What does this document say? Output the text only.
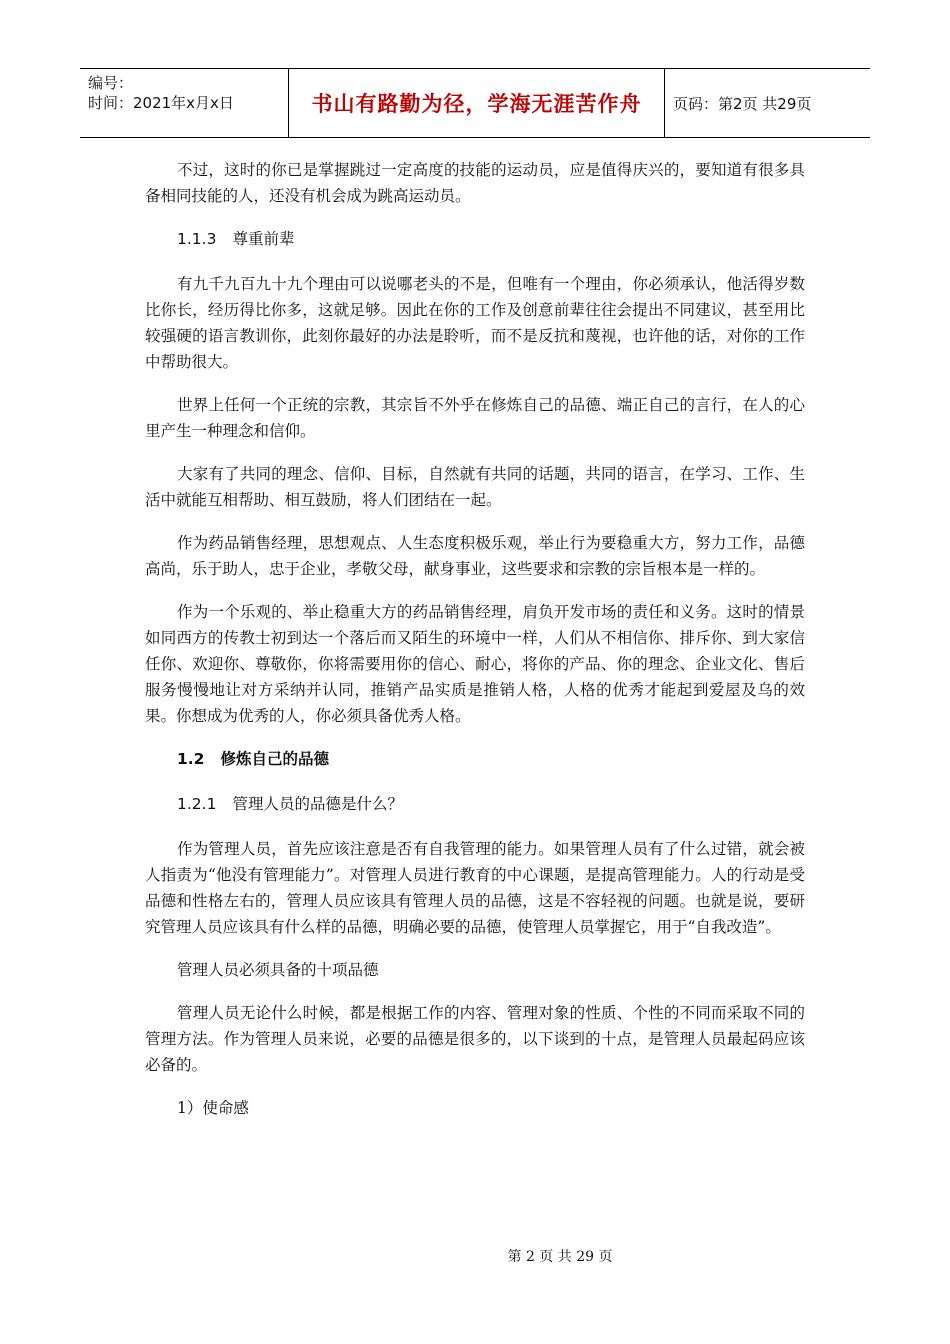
编号：
时间：2021年x月x日	书山有路勤为径，学海无涯苦作舟	页码：第2页 共29页

不过，这时的你已是掌握跳过一定高度的技能的运动员，应是值得庆兴的，要知道有很多具备相同技能的人，还没有机会成为跳高运动员。

1.1.3 尊重前辈

有九千九百九十九个理由可以说哪老头的不是，但唯有一个理由，你必须承认，他活得岁数比你长，经历得比你多，这就足够。因此在你的工作及创意前辈往往会提出不同建议，甚至用比较强硬的语言教训你，此刻你最好的办法是聆听，而不是反抗和蔑视，也许他的话，对你的工作中帮助很大。

世界上任何一个正统的宗教，其宗旨不外乎在修炼自己的品德、端正自己的言行，在人的心里产生一种理念和信仰。

大家有了共同的理念、信仰、目标，自然就有共同的话题，共同的语言，在学习、工作、生活中就能互相帮助、相互鼓励，将人们团结在一起。

作为药品销售经理，思想观点、人生态度积极乐观，举止行为要稳重大方，努力工作，品德高尚，乐于助人，忠于企业，孝敬父母，献身事业，这些要求和宗教的宗旨根本是一样的。

作为一个乐观的、举止稳重大方的药品销售经理，肩负开发市场的责任和义务。这时的情景如同西方的传教士初到达一个落后而又陌生的环境中一样，人们从不相信你、排斥你、到大家信任你、欢迎你、尊敬你，你将需要用你的信心、耐心，将你的产品、你的理念、企业文化、售后服务慢慢地让对方采纳并认同，推销产品实质是推销人格，人格的优秀才能起到爱屋及乌的效果。你想成为优秀的人，你必须具备优秀人格。

1.2 修炼自己的品德
1.2.1 管理人员的品德是什么？

作为管理人员，首先应该注意是否有自我管理的能力。如果管理人员有了什么过错，就会被人指责为“他没有管理能力”。对管理人员进行教育的中心课题，是提高管理能力。人的行动是受品德和性格左右的，管理人员应该具有管理人员的品德，这是不容轻视的问题。也就是说，要研究管理人员应该具有什么样的品德，明确必要的品德，使管理人员掌握它，用于“自我改造”。

管理人员必须具备的十项品德

管理人员无论什么时候，都是根据工作的内容、管理对象的性质、个性的不同而采取不同的管理方法。作为管理人员来说，必要的品德是很多的，以下谈到的十点，是管理人员最起码应该必备的。

1）使命感

第 2 页 共 29 页
